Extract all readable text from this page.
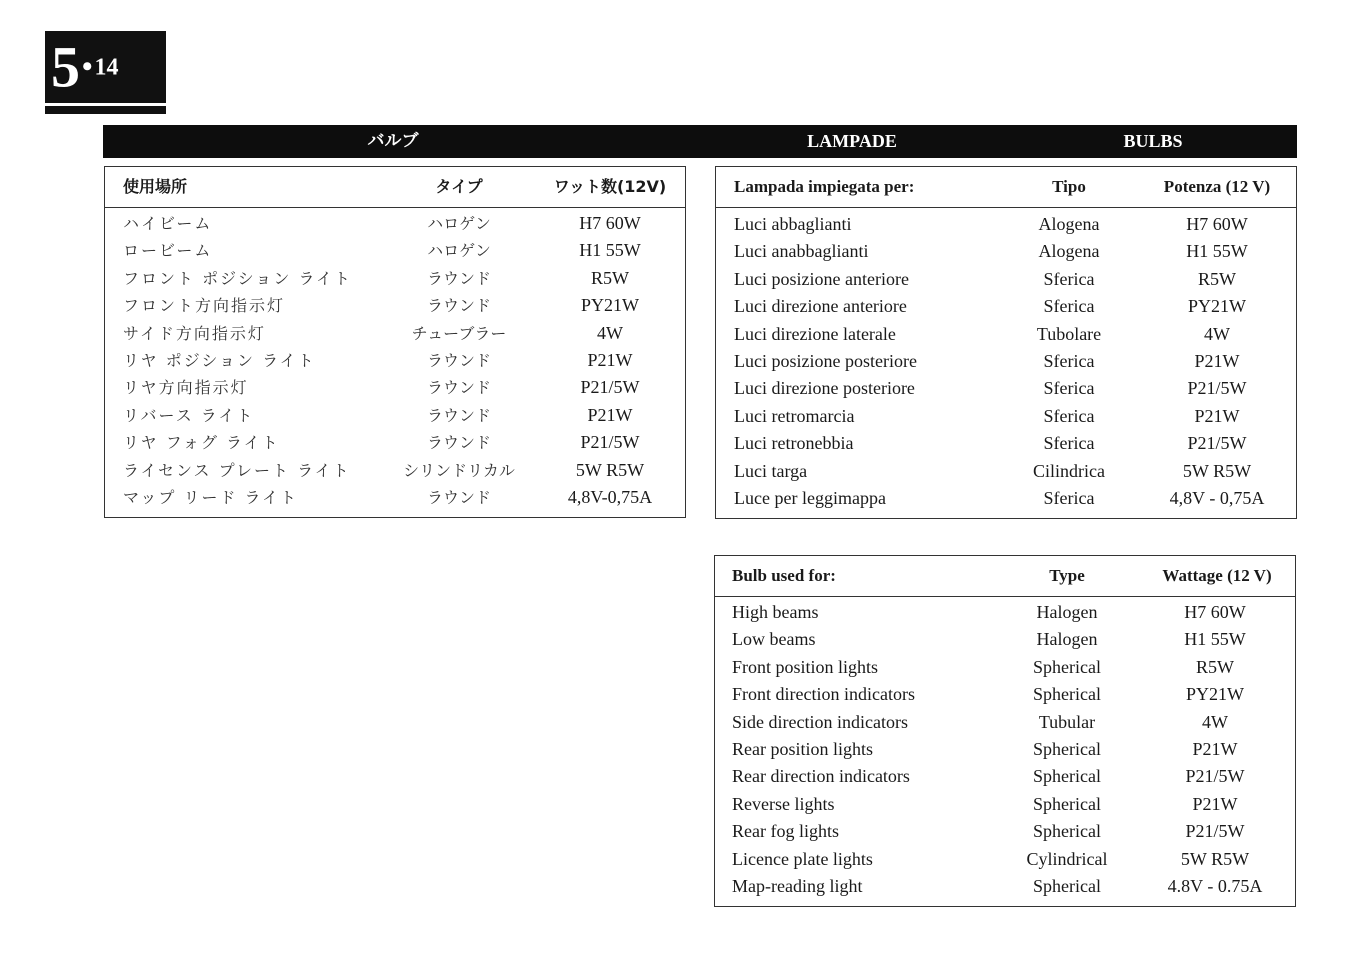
5•14
バルブ	LAMPADE	BULBS
使用場所	タイプ	ワット数(12V)
ハイビーム	ハロゲン	H7 60W
ロービーム	ハロゲン	H1 55W
フロント ポジション ライト	ラウンド	R5W
フロント方向指示灯	ラウンド	PY21W
サイド方向指示灯	チューブラー	4W
リヤ ポジション ライト	ラウンド	P21W
リヤ方向指示灯	ラウンド	P21/5W
リバース ライト	ラウンド	P21W
リヤ フォグ ライト	ラウンド	P21/5W
ライセンス プレート ライト	シリンドリカル	5W R5W
マップ リード ライト	ラウンド	4,8V-0,75A
Lampada impiegata per:	Tipo	Potenza (12 V)
Luci abbaglianti	Alogena	H7 60W
Luci anabbaglianti	Alogena	H1 55W
Luci posizione anteriore	Sferica	R5W
Luci direzione anteriore	Sferica	PY21W
Luci direzione laterale	Tubolare	4W
Luci posizione posteriore	Sferica	P21W
Luci direzione posteriore	Sferica	P21/5W
Luci retromarcia	Sferica	P21W
Luci retronebbia	Sferica	P21/5W
Luci targa	Cilindrica	5W R5W
Luce per leggimappa	Sferica	4,8V - 0,75A
Bulb used for:	Type	Wattage (12 V)
High beams	Halogen	H7 60W
Low beams	Halogen	H1 55W
Front position lights	Spherical	R5W
Front direction indicators	Spherical	PY21W
Side direction indicators	Tubular	4W
Rear position lights	Spherical	P21W
Rear direction indicators	Spherical	P21/5W
Reverse lights	Spherical	P21W
Rear fog lights	Spherical	P21/5W
Licence plate lights	Cylindrical	5W R5W
Map-reading light	Spherical	4.8V - 0.75A
